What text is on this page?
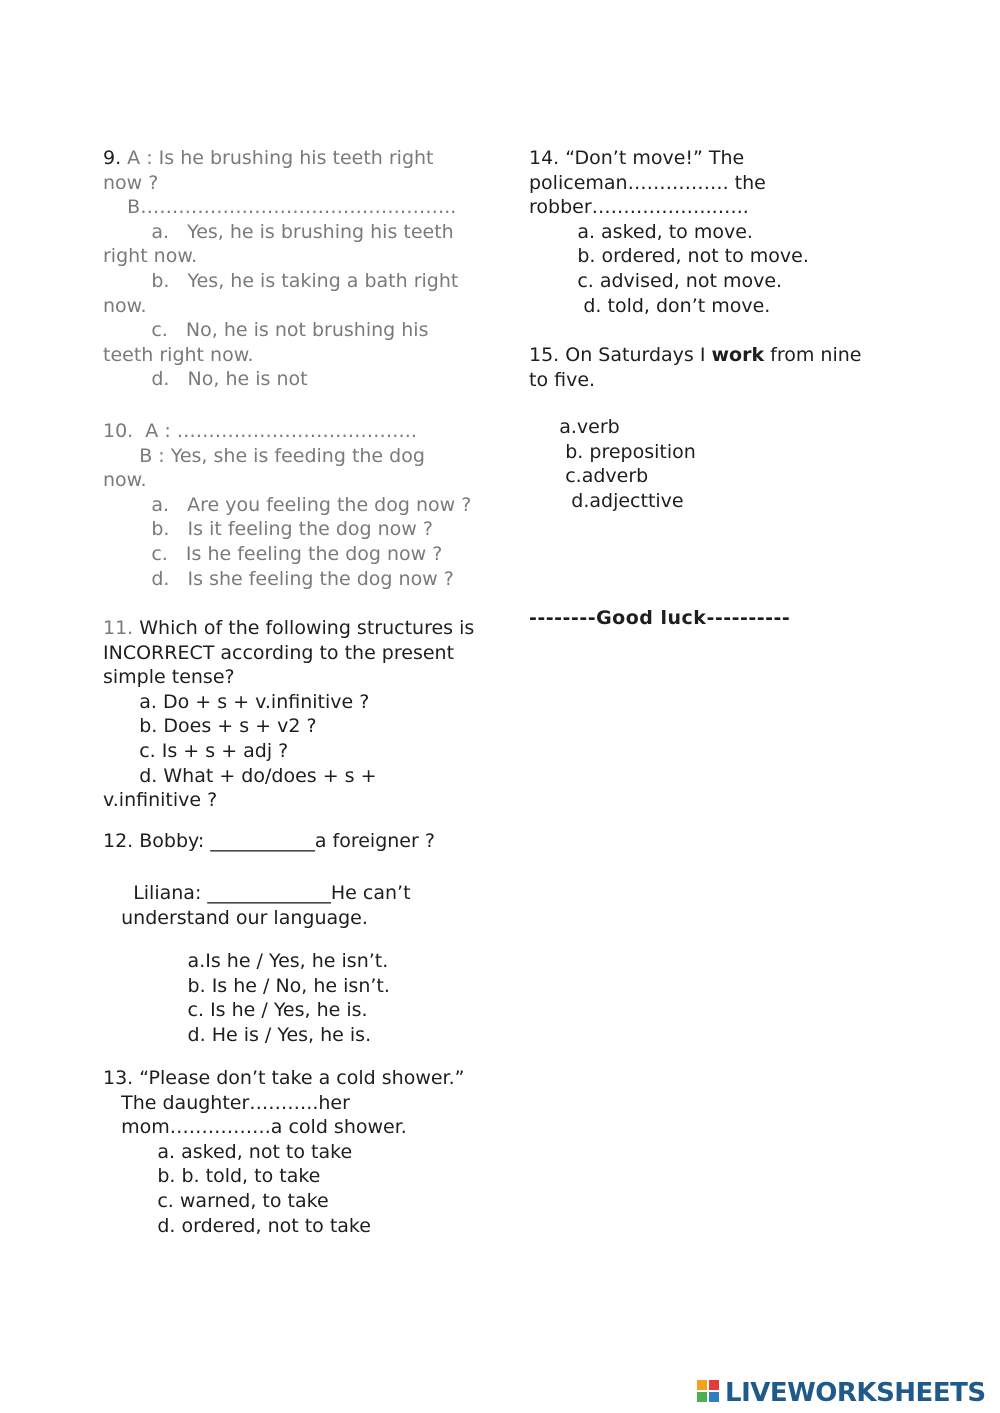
9. A : Is he brushing his teeth right
now ?
B…………………………………………..
a.   Yes, he is brushing his teeth
right now.
b.   Yes, he is taking a bath right
now.
c.   No, he is not brushing his
teeth right now.
d.   No, he is not
10.  A : ………………………………..
B : Yes, she is feeding the dog
now.
a.   Are you feeling the dog now ?
b.   Is it feeling the dog now ?
c.   Is he feeling the dog now ?
d.   Is she feeling the dog now ?
11. Which of the following structures is
INCORRECT according to the present
simple tense?
a. Do + s + v.infinitive ?
b. Does + s + v2 ?
c. Is + s + adj ?
d. What + do/does + s +
v.infinitive ?
12. Bobby: ___________a foreigner ?
Liliana: _____________He can’t
understand our language.
a.Is he / Yes, he isn’t.
b. Is he / No, he isn’t.
c. Is he / Yes, he is.
d. He is / Yes, he is.
13. “Please don’t take a cold shower.”
The daughter………..her
mom…………….a cold shower.
a. asked, not to take
b. b. told, to take
c. warned, to take
d. ordered, not to take
14. “Don’t move!” The
policeman……………. the
robber………………..…..
a. asked, to move.
b. ordered, not to move.
c. advised, not move.
d. told, don’t move.
15. On Saturdays I work from nine
to five.
a.verb
b. preposition
c.adverb
d.adjecttive
--------Good luck----------
LIVEWORKSHEETS
